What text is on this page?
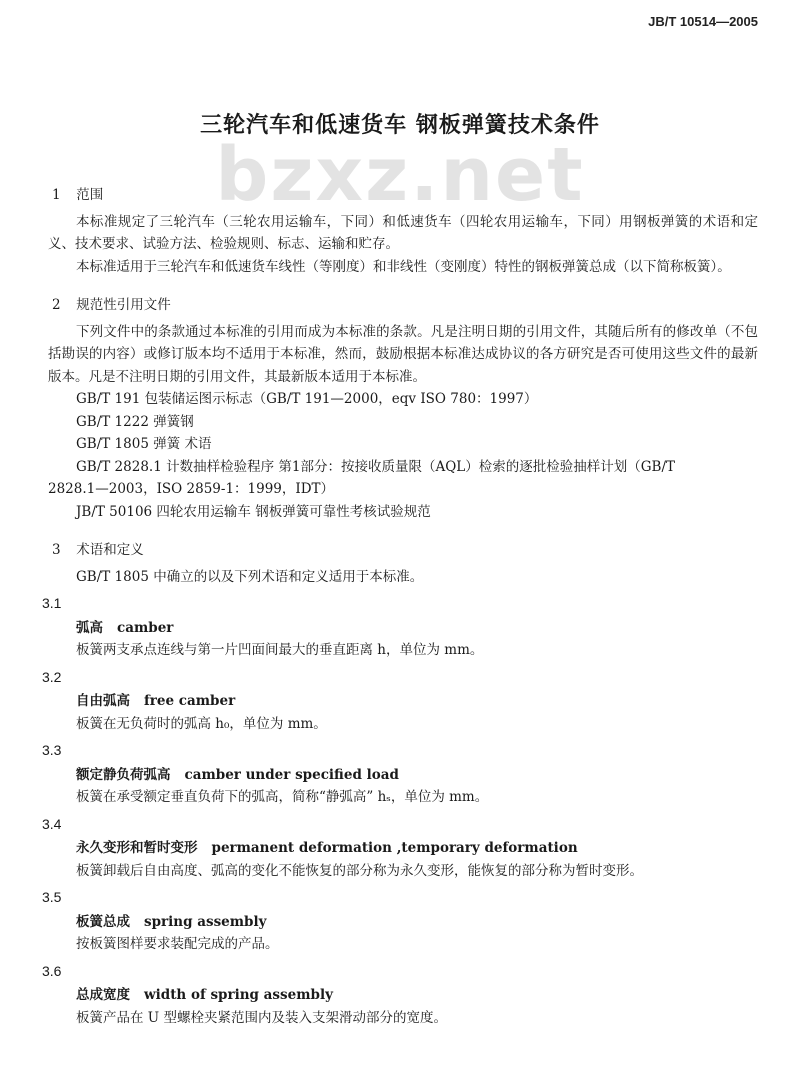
JB/T 10514—2005
bzxz.net
三轮汽车和低速货车 钢板弹簧技术条件
1 范围

本标准规定了三轮汽车（三轮农用运输车，下同）和低速货车（四轮农用运输车，下同）用钢板弹簧的术语和定义、技术要求、试验方法、检验规则、标志、运输和贮存。

本标准适用于三轮汽车和低速货车线性（等刚度）和非线性（变刚度）特性的钢板弹簧总成（以下简称板簧）。

2 规范性引用文件

下列文件中的条款通过本标准的引用而成为本标准的条款。凡是注明日期的引用文件，其随后所有的修改单（不包括勘误的内容）或修订版本均不适用于本标准，然而，鼓励根据本标准达成协议的各方研究是否可使用这些文件的最新版本。凡是不注明日期的引用文件，其最新版本适用于本标准。

GB/T 191 包装储运图示标志（GB/T 191—2000，eqv ISO 780：1997）

GB/T 1222 弹簧钢

GB/T 1805 弹簧 术语

GB/T 2828.1 计数抽样检验程序 第1部分：按接收质量限（AQL）检索的逐批检验抽样计划（GB/T

2828.1—2003，ISO 2859-1：1999，IDT）

JB/T 50106 四轮农用运输车 钢板弹簧可靠性考核试验规范

3 术语和定义

GB/T 1805 中确立的以及下列术语和定义适用于本标准。

3.1

弧高 camber

板簧两支承点连线与第一片凹面间最大的垂直距离 h，单位为 mm。

3.2

自由弧高 free camber

板簧在无负荷时的弧高 h₀，单位为 mm。

3.3

额定静负荷弧高 camber under specified load

板簧在承受额定垂直负荷下的弧高，简称“静弧高” hₛ，单位为 mm。

3.4

永久变形和暂时变形 permanent deformation ,temporary deformation

板簧卸载后自由高度、弧高的变化不能恢复的部分称为永久变形，能恢复的部分称为暂时变形。

3.5

板簧总成 spring assembly

按板簧图样要求装配完成的产品。

3.6

总成宽度 width of spring assembly

板簧产品在 U 型螺栓夹紧范围内及装入支架滑动部分的宽度。
